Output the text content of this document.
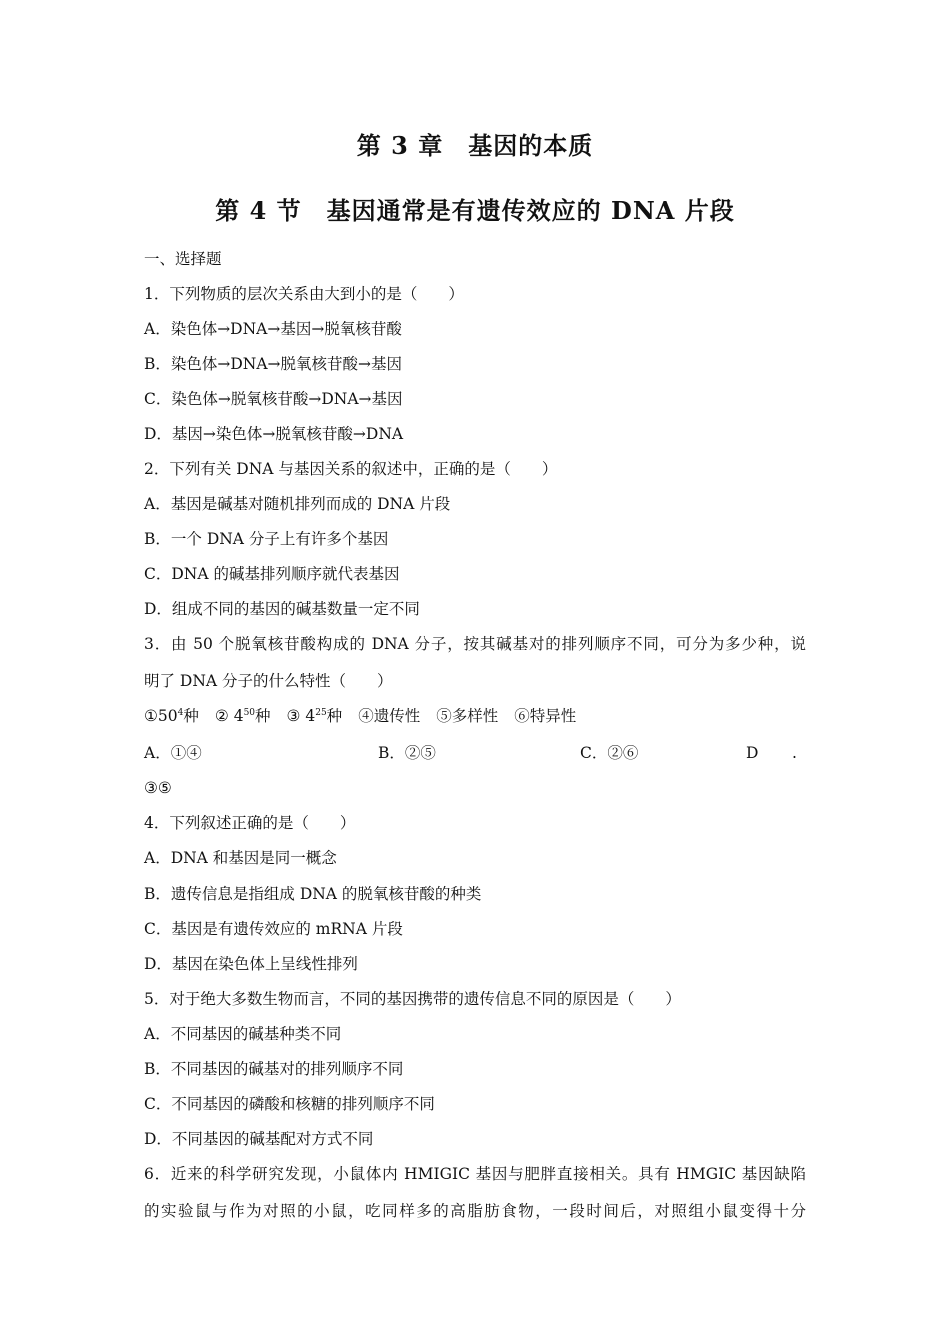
第 3 章　基因的本质
第 4 节　基因通常是有遗传效应的 DNA 片段
一、选择题
1．下列物质的层次关系由大到小的是（　　）
A．染色体→DNA→基因→脱氧核苷酸
B．染色体→DNA→脱氧核苷酸→基因
C．染色体→脱氧核苷酸→DNA→基因
D．基因→染色体→脱氧核苷酸→DNA
2．下列有关 DNA 与基因关系的叙述中，正确的是（　　）
A．基因是碱基对随机排列而成的 DNA 片段
B．一个 DNA 分子上有许多个基因
C．DNA 的碱基排列顺序就代表基因
D．组成不同的基因的碱基数量一定不同
3．由 50 个脱氧核苷酸构成的 DNA 分子，按其碱基对的排列顺序不同，可分为多少种，说
明了 DNA 分子的什么特性（　　）
$①50^4$种 ② $4^{50}$种 ③ $4^{25}$种 ④遗传性 ⑤多样性 ⑥特异性
A．①④	B．②⑤	C．②⑥	D .
③⑤
4．下列叙述正确的是（　　）
A．DNA 和基因是同一概念
B．遗传信息是指组成 DNA 的脱氧核苷酸的种类
C．基因是有遗传效应的 mRNA 片段
D．基因在染色体上呈线性排列
5．对于绝大多数生物而言，不同的基因携带的遗传信息不同的原因是（　　）
A．不同基因的碱基种类不同
B．不同基因的碱基对的排列顺序不同
C．不同基因的磷酸和核糖的排列顺序不同
D．不同基因的碱基配对方式不同
6．近来的科学研究发现，小鼠体内 HMIGIC 基因与肥胖直接相关。具有 HMGIC 基因缺陷
的实验鼠与作为对照的小鼠，吃同样多的高脂肪食物，一段时间后，对照组小鼠变得十分
